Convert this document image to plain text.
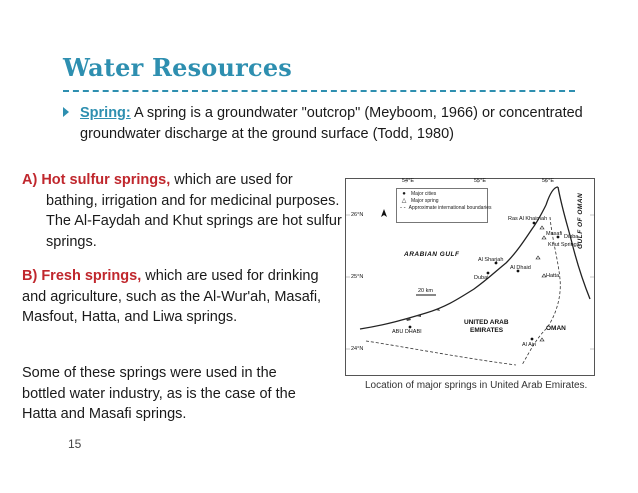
Water Resources
Spring: A spring is a groundwater "outcrop" (Meyboom, 1966) or concentrated groundwater discharge at the ground surface (Todd, 1980)
A) Hot sulfur springs, which are used for bathing, irrigation and for medicinal purposes. The Al-Faydah and Khut springs are hot sulfur springs.
B) Fresh springs, which are used for drinking and agriculture, such as the Al-Wur'ah, Masafi, Masfout, Hatta, and Liwa springs.
Some of these springs were used in the bottled water industry, as is the case of the Hatta and Masafi springs.
15
●	Major cities
△ Major spring
- - Approximate international boundaries
54°E	55°E	56°E
26°N
25°N
24°N
ARABIAN GULF
GULF OF OMAN
UNITED ARAB
EMIRATES	OMAN
Ras Al Khaimah
Dibba
Masafi
Khut Springs
Al Sharjah
Dubai
Al Dhaid
Hatta
ABU DHABI
Al Ain
20 km
Location of major springs in United Arab Emirates.
